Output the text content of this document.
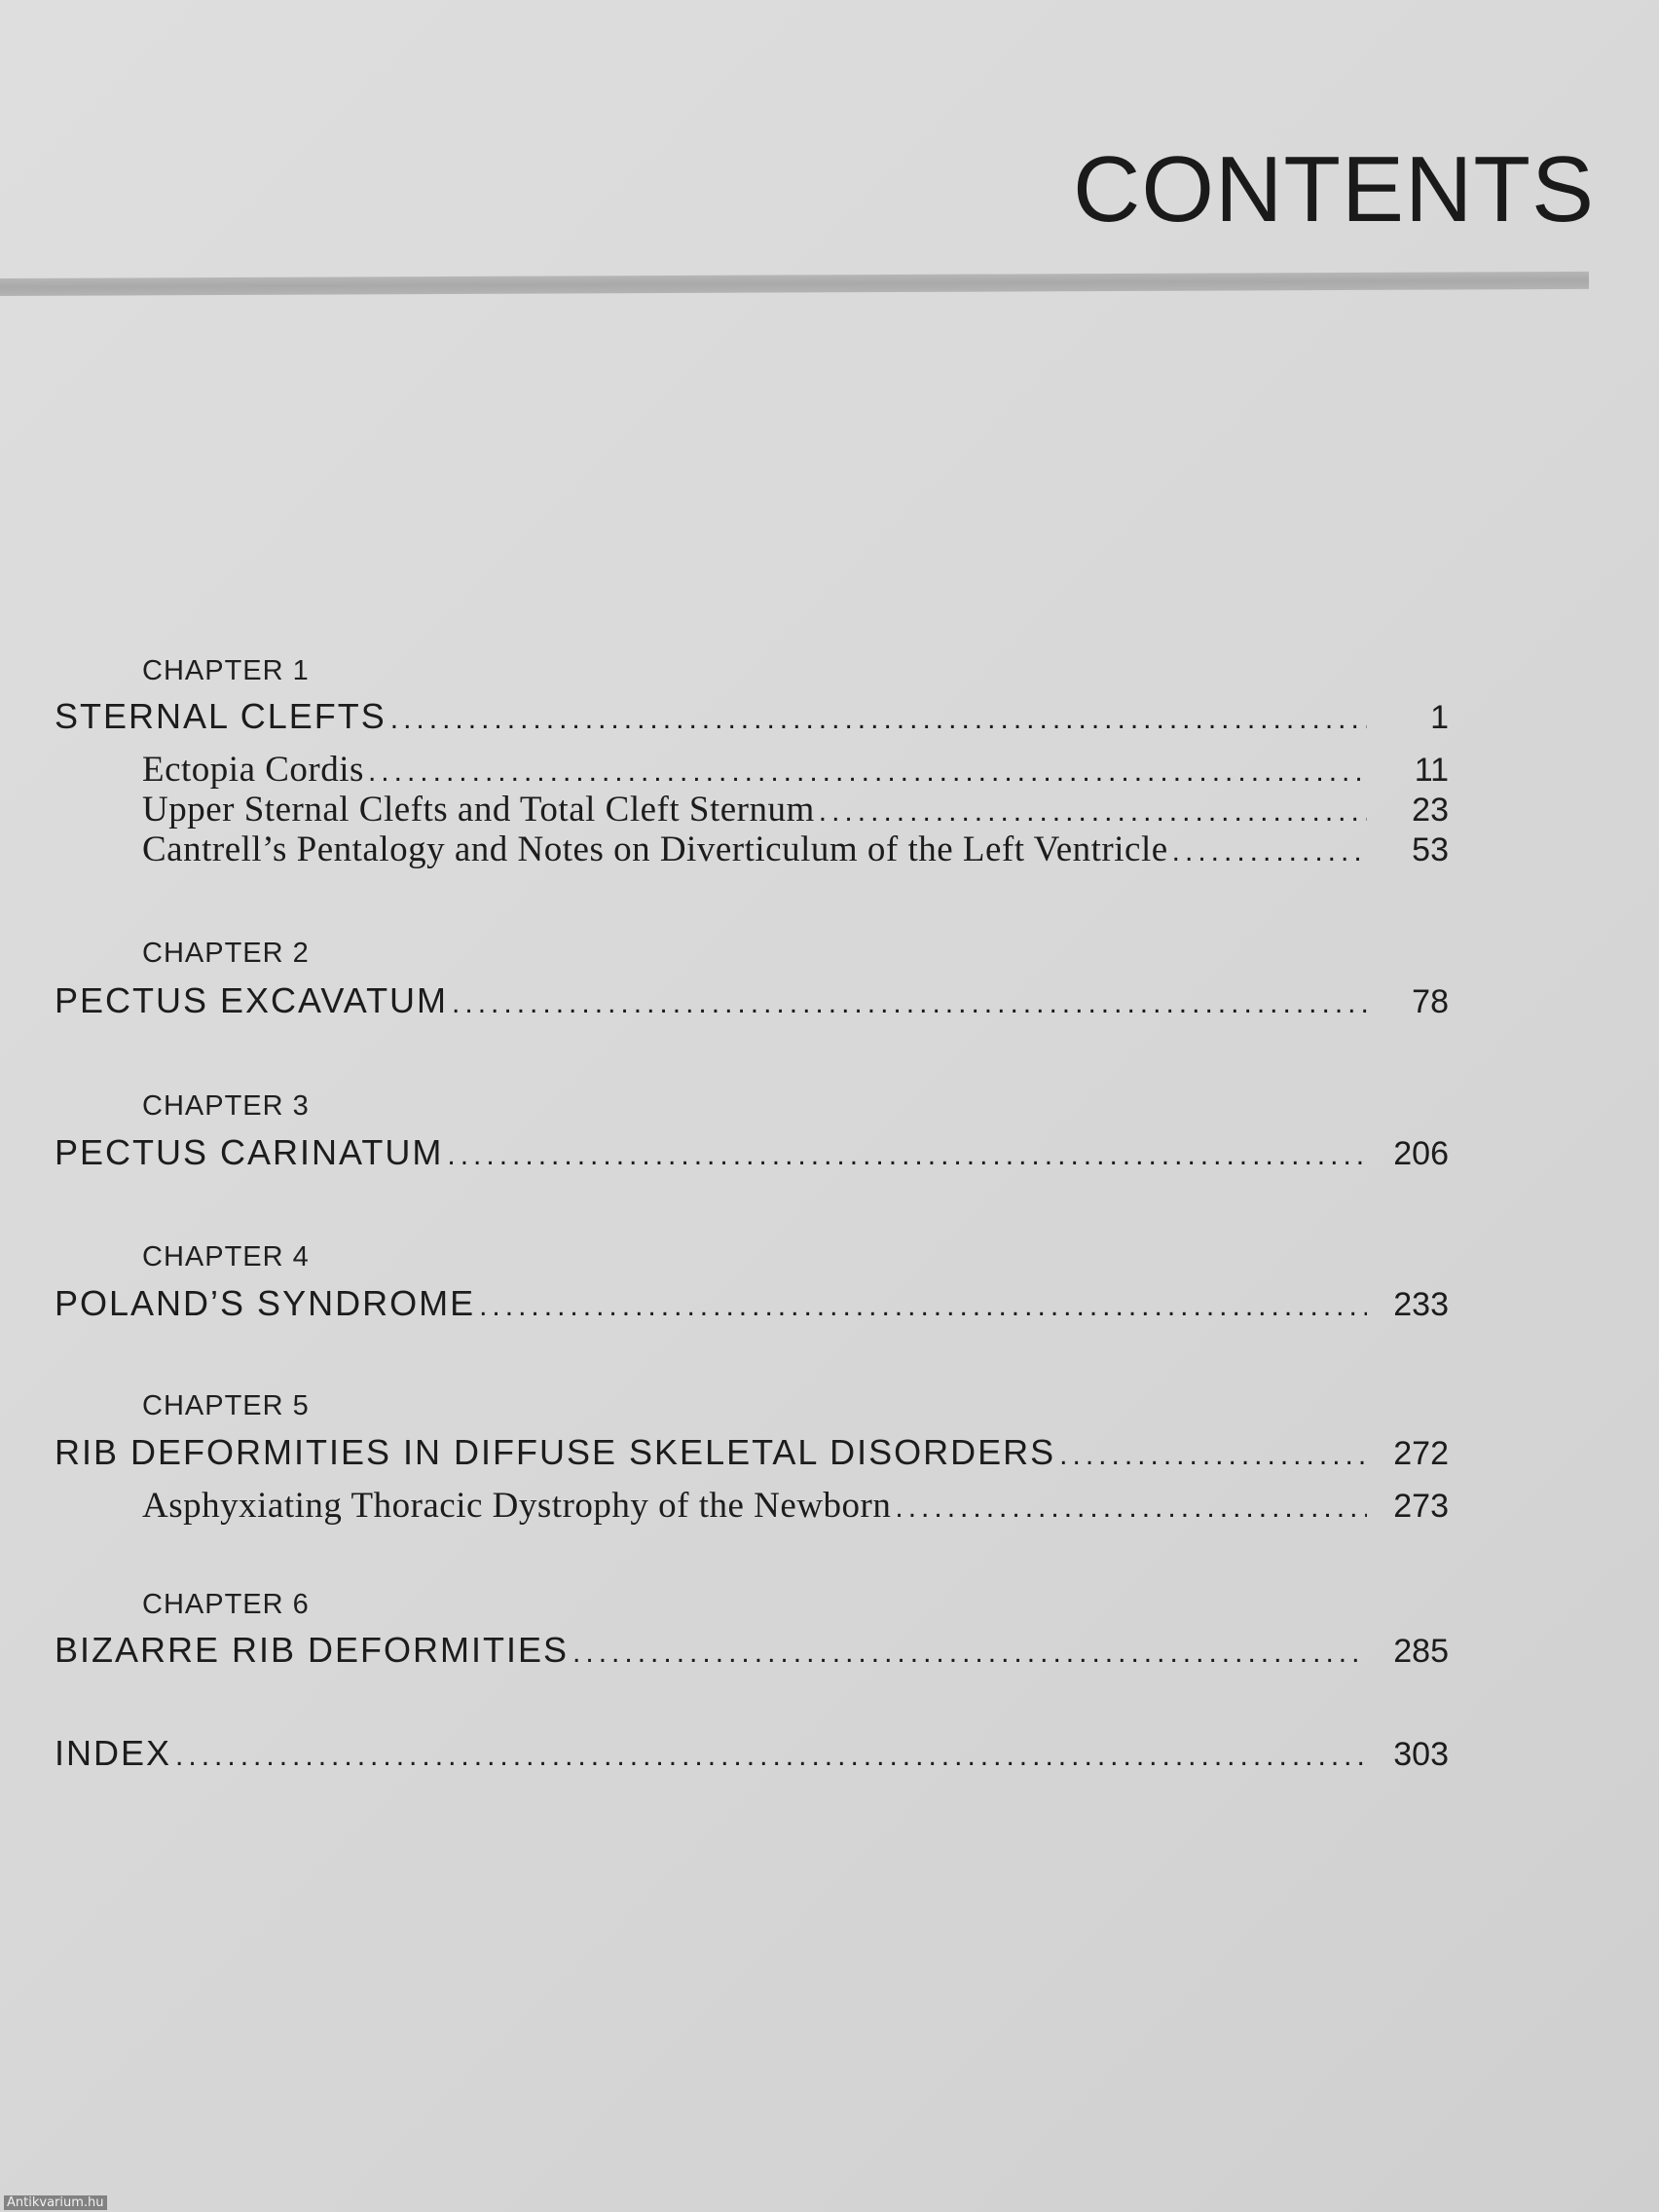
CONTENTS
CHAPTER 1
STERNAL CLEFTS .....	1
Ectopia Cordis .....	11
Upper Sternal Clefts and Total Cleft Sternum .....	23
Cantrell’s Pentalogy and Notes on Diverticulum of the Left Ventricle .....	53
CHAPTER 2
PECTUS EXCAVATUM .....	78
CHAPTER 3
PECTUS CARINATUM .....	206
CHAPTER 4
POLAND’S SYNDROME .....	233
CHAPTER 5
RIB DEFORMITIES IN DIFFUSE SKELETAL DISORDERS .....	272
Asphyxiating Thoracic Dystrophy of the Newborn .....	273
CHAPTER 6
BIZARRE RIB DEFORMITIES .....	285
INDEX .....	303
Antikvarium.hu
